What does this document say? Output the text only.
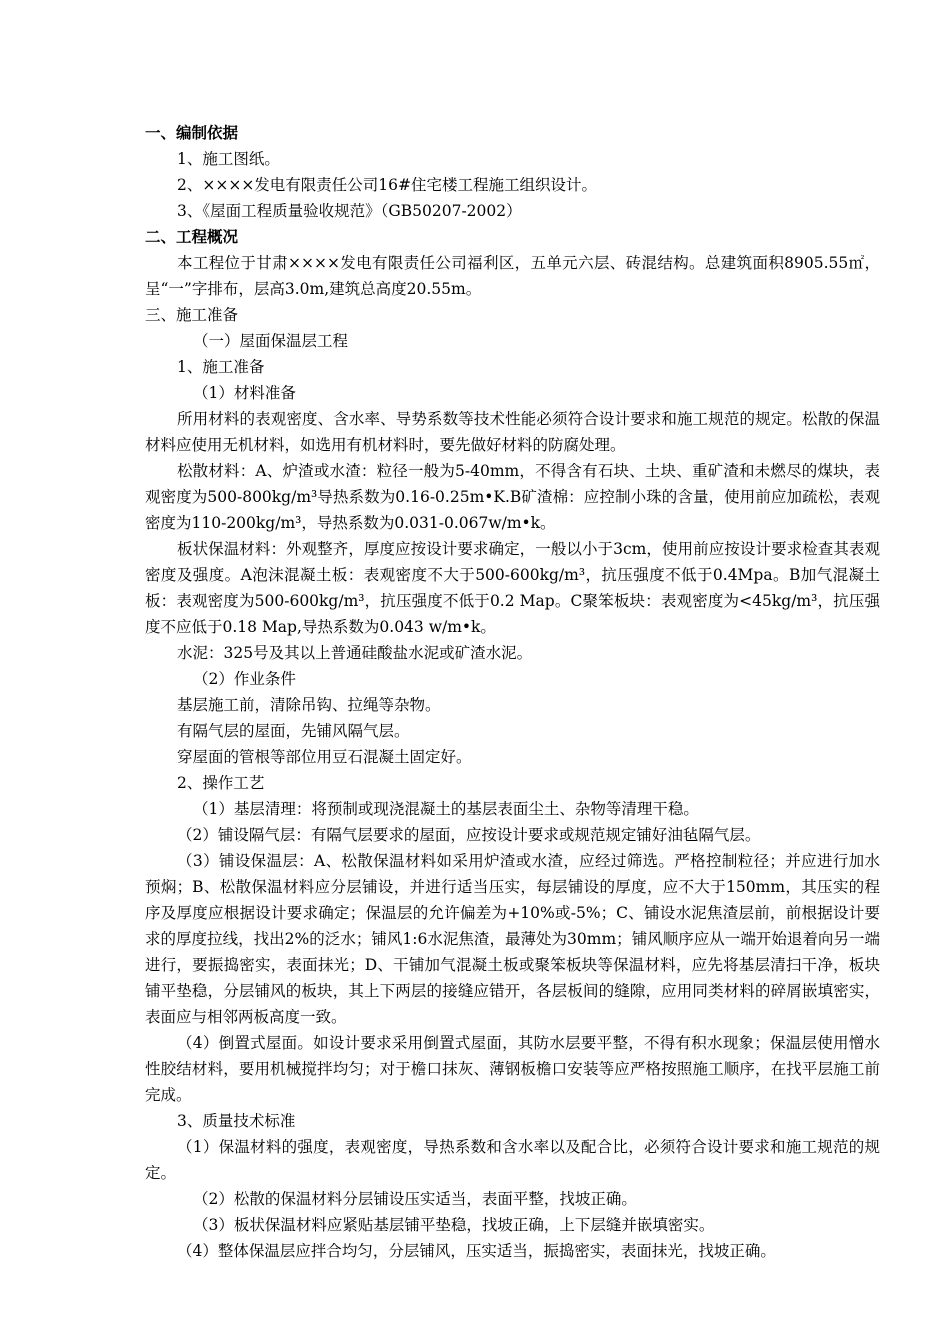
一、编制依据

1、施工图纸。

2、××××发电有限责任公司16#住宅楼工程施工组织设计。

3、《屋面工程质量验收规范》（GB50207-2002）

二、工程概况

本工程位于甘肃××××发电有限责任公司福利区，五单元六层、砖混结构。总建筑面积8905.55㎡，呈“一”字排布，层高3.0m,建筑总高度20.55m。

三、施工准备

（一）屋面保温层工程

1、施工准备

（1）材料准备

所用材料的表观密度、含水率、导势系数等技术性能必须符合设计要求和施工规范的规定。松散的保温材料应使用无机材料，如选用有机材料时，要先做好材料的防腐处理。

松散材料：A、炉渣或水渣：粒径一般为5-40mm，不得含有石块、土块、重矿渣和未燃尽的煤块，表观密度为500-800kg/m³导热系数为0.16-0.25m•K.B矿渣棉：应控制小珠的含量，使用前应加疏松，表观密度为110-200kg/m³，导热系数为0.031-0.067w/m•k。

板状保温材料：外观整齐，厚度应按设计要求确定，一般以小于3cm，使用前应按设计要求检查其表观密度及强度。A泡沫混凝土板：表观密度不大于500-600kg/m³，抗压强度不低于0.4Mpa。B加气混凝土板：表观密度为500-600kg/m³，抗压强度不低于0.2 Map。C聚笨板块：表观密度为<45kg/m³，抗压强度不应低于0.18 Map,导热系数为0.043 w/m•k。

水泥：325号及其以上普通硅酸盐水泥或矿渣水泥。

（2）作业条件

基层施工前，清除吊钩、拉绳等杂物。

有隔气层的屋面，先铺风隔气层。

穿屋面的管根等部位用豆石混凝土固定好。

2、操作工艺

（1）基层清理：将预制或现浇混凝土的基层表面尘土、杂物等清理干稳。

（2）铺设隔气层：有隔气层要求的屋面，应按设计要求或规范规定铺好油毡隔气层。

（3）铺设保温层：A、松散保温材料如采用炉渣或水渣，应经过筛选。严格控制粒径；并应进行加水预焖；B、松散保温材料应分层铺设，并进行适当压实，每层铺设的厚度，应不大于150mm，其压实的程序及厚度应根据设计要求确定；保温层的允许偏差为+10%或-5%；C、铺设水泥焦渣层前，前根据设计要求的厚度拉线，找出2%的泛水；铺风1:6水泥焦渣，最薄处为30mm；铺风顺序应从一端开始退着向另一端进行，要振捣密实，表面抹光；D、干铺加气混凝土板或聚笨板块等保温材料，应先将基层清扫干净，板块铺平垫稳，分层铺风的板块，其上下两层的接缝应错开，各层板间的缝隙，应用同类材料的碎屑嵌填密实，表面应与相邻两板高度一致。

（4）倒置式屋面。如设计要求采用倒置式屋面，其防水层要平整，不得有积水现象；保温层使用憎水性胶结材料，要用机械搅拌均匀；对于檐口抹灰、薄钢板檐口安装等应严格按照施工顺序，在找平层施工前完成。

3、质量技术标准

（1）保温材料的强度，表观密度，导热系数和含水率以及配合比，必须符合设计要求和施工规范的规定。

（2）松散的保温材料分层铺设压实适当，表面平整，找坡正确。

（3）板状保温材料应紧贴基层铺平垫稳，找坡正确，上下层缝并嵌填密实。

（4）整体保温层应拌合均匀，分层铺风，压实适当，振捣密实，表面抹光，找坡正确。
